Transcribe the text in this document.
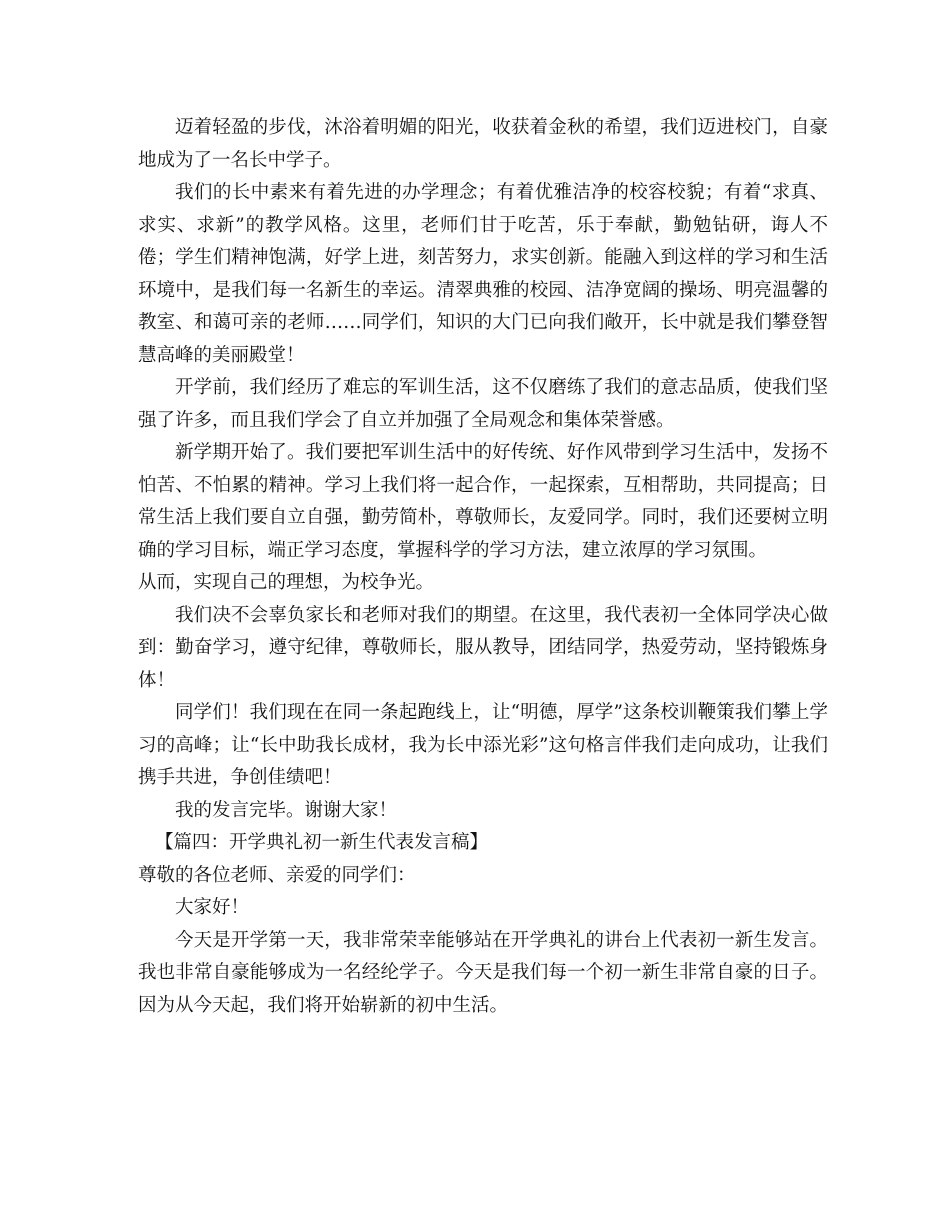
迈着轻盈的步伐，沐浴着明媚的阳光，收获着金秋的希望，我们迈进校门，自豪地成为了一名长中学子。

我们的长中素来有着先进的办学理念；有着优雅洁净的校容校貌；有着“求真、求实、求新”的教学风格。这里，老师们甘于吃苦，乐于奉献，勤勉钻研，诲人不倦；学生们精神饱满，好学上进，刻苦努力，求实创新。能融入到这样的学习和生活环境中，是我们每一名新生的幸运。清翠典雅的校园、洁净宽阔的操场、明亮温馨的教室、和蔼可亲的老师……同学们，知识的大门已向我们敞开，长中就是我们攀登智慧高峰的美丽殿堂！

开学前，我们经历了难忘的军训生活，这不仅磨练了我们的意志品质，使我们坚强了许多，而且我们学会了自立并加强了全局观念和集体荣誉感。

新学期开始了。我们要把军训生活中的好传统、好作风带到学习生活中，发扬不怕苦、不怕累的精神。学习上我们将一起合作，一起探索，互相帮助，共同提高；日常生活上我们要自立自强，勤劳简朴，尊敬师长，友爱同学。同时，我们还要树立明确的学习目标，端正学习态度，掌握科学的学习方法，建立浓厚的学习氛围。

从而，实现自己的理想，为校争光。

我们决不会辜负家长和老师对我们的期望。在这里，我代表初一全体同学决心做到：勤奋学习，遵守纪律，尊敬师长，服从教导，团结同学，热爱劳动，坚持锻炼身体！

同学们！我们现在在同一条起跑线上，让“明德，厚学”这条校训鞭策我们攀上学习的高峰；让“长中助我长成材，我为长中添光彩”这句格言伴我们走向成功，让我们携手共进，争创佳绩吧！

我的发言完毕。谢谢大家！

【篇四：开学典礼初一新生代表发言稿】

尊敬的各位老师、亲爱的同学们：

大家好！

今天是开学第一天，我非常荣幸能够站在开学典礼的讲台上代表初一新生发言。我也非常自豪能够成为一名经纶学子。今天是我们每一个初一新生非常自豪的日子。因为从今天起，我们将开始崭新的初中生活。
